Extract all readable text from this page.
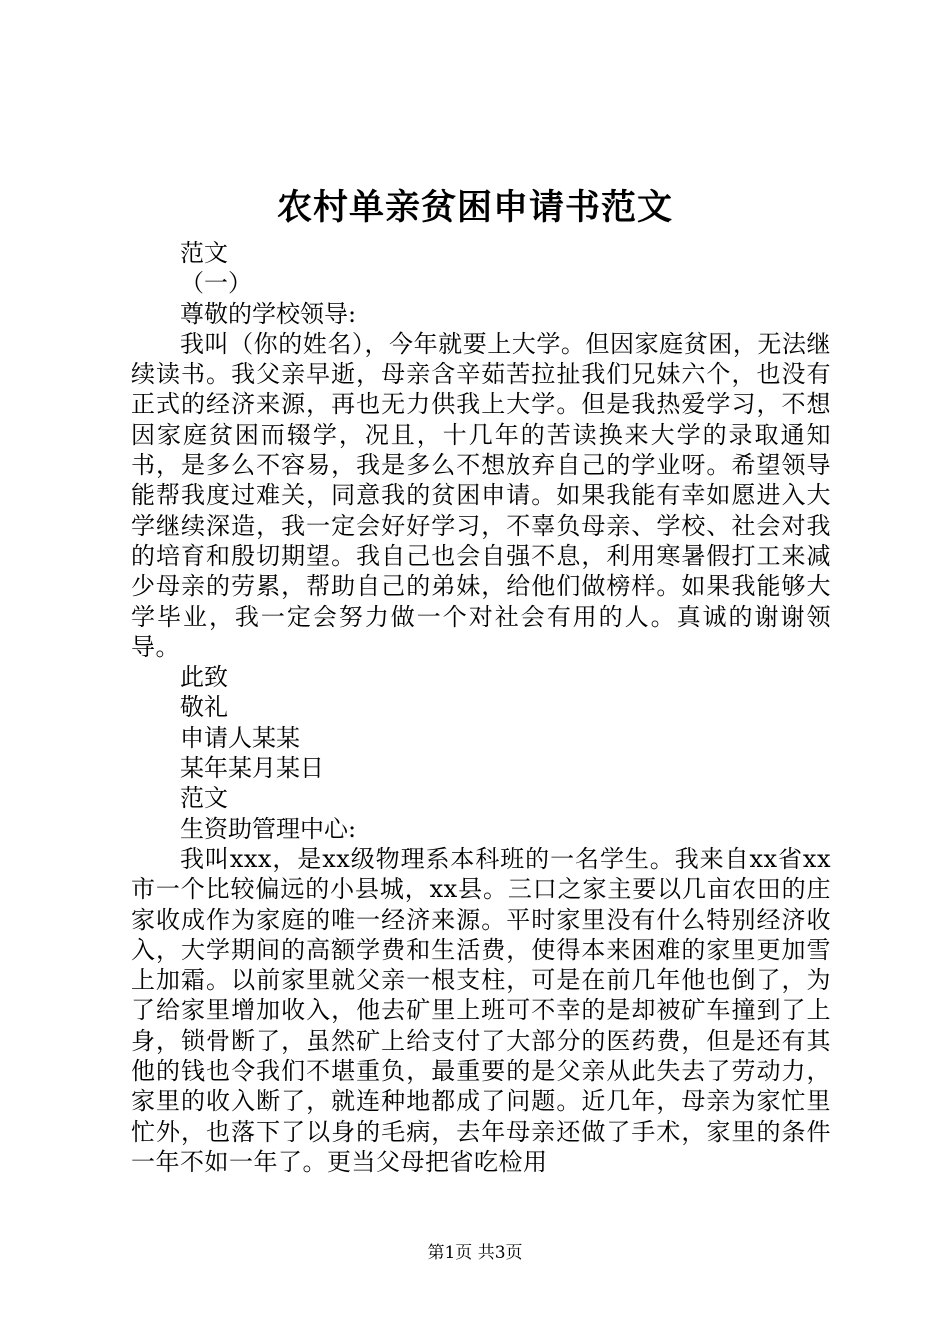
农村单亲贫困申请书范文

范文

（一）

尊敬的学校领导:

我叫（你的姓名），今年就要上大学。但因家庭贫困，无法继续读书。我父亲早逝，母亲含辛茹苦拉扯我们兄妹六个，也没有正式的经济来源，再也无力供我上大学。但是我热爱学习，不想因家庭贫困而辍学，况且，十几年的苦读换来大学的录取通知书，是多么不容易，我是多么不想放弃自己的学业呀。希望领导能帮我度过难关，同意我的贫困申请。如果我能有幸如愿进入大学继续深造，我一定会好好学习，不辜负母亲、学校、社会对我的培育和殷切期望。我自己也会自强不息，利用寒暑假打工来减少母亲的劳累，帮助自己的弟妹，给他们做榜样。如果我能够大学毕业，我一定会努力做一个对社会有用的人。真诚的谢谢领导。

此致

敬礼

申请人某某

某年某月某日

范文

生资助管理中心:

我叫xxx，是xx级物理系本科班的一名学生。我来自xx省xx市一个比较偏远的小县城，xx县。三口之家主要以几亩农田的庄家收成作为家庭的唯一经济来源。平时家里没有什么特别经济收入，大学期间的高额学费和生活费，使得本来困难的家里更加雪上加霜。以前家里就父亲一根支柱，可是在前几年他也倒了，为了给家里增加收入，他去矿里上班可不幸的是却被矿车撞到了上身，锁骨断了，虽然矿上给支付了大部分的医药费，但是还有其他的钱也令我们不堪重负，最重要的是父亲从此失去了劳动力，家里的收入断了，就连种地都成了问题。近几年，母亲为家忙里忙外，也落下了以身的毛病，去年母亲还做了手术，家里的条件一年不如一年了。更当父母把省吃检用

第1页 共3页
